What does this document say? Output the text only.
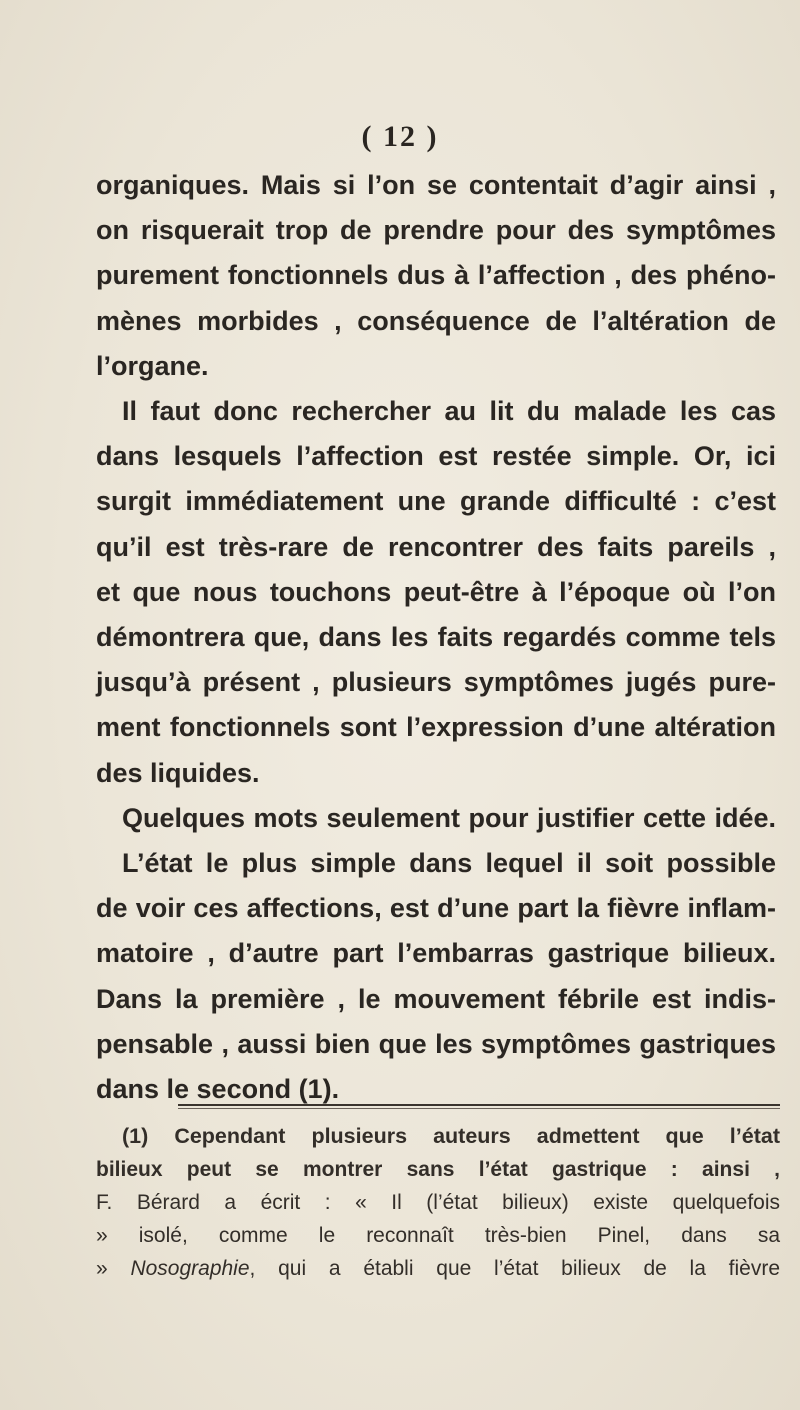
( 12 )
organiques. Mais si l’on se contentait d’agir ainsi ,
on risquerait trop de prendre pour des symptômes
purement fonctionnels dus à l’affection , des phéno-
mènes morbides , conséquence de l’altération de
l’organe.
Il faut donc rechercher au lit du malade les cas
dans lesquels l’affection est restée simple. Or, ici
surgit immédiatement une grande difficulté : c’est
qu’il est très-rare de rencontrer des faits pareils ,
et que nous touchons peut-être à l’époque où l’on
démontrera que, dans les faits regardés comme tels
jusqu’à présent , plusieurs symptômes jugés pure-
ment fonctionnels sont l’expression d’une altération
des liquides.
Quelques mots seulement pour justifier cette idée.
L’état le plus simple dans lequel il soit possible
de voir ces affections, est d’une part la fièvre inflam-
matoire , d’autre part l’embarras gastrique bilieux.
Dans la première , le mouvement fébrile est indis-
pensable , aussi bien que les symptômes gastriques
dans le second (1).
(1) Cependant plusieurs auteurs admettent que l’état
bilieux peut se montrer sans l’état gastrique : ainsi ,
F. Bérard a écrit : « Il (l’état bilieux) existe quelquefois
» isolé, comme le reconnaît très-bien Pinel, dans sa
» Nosographie, qui a établi que l’état bilieux de la fièvre
